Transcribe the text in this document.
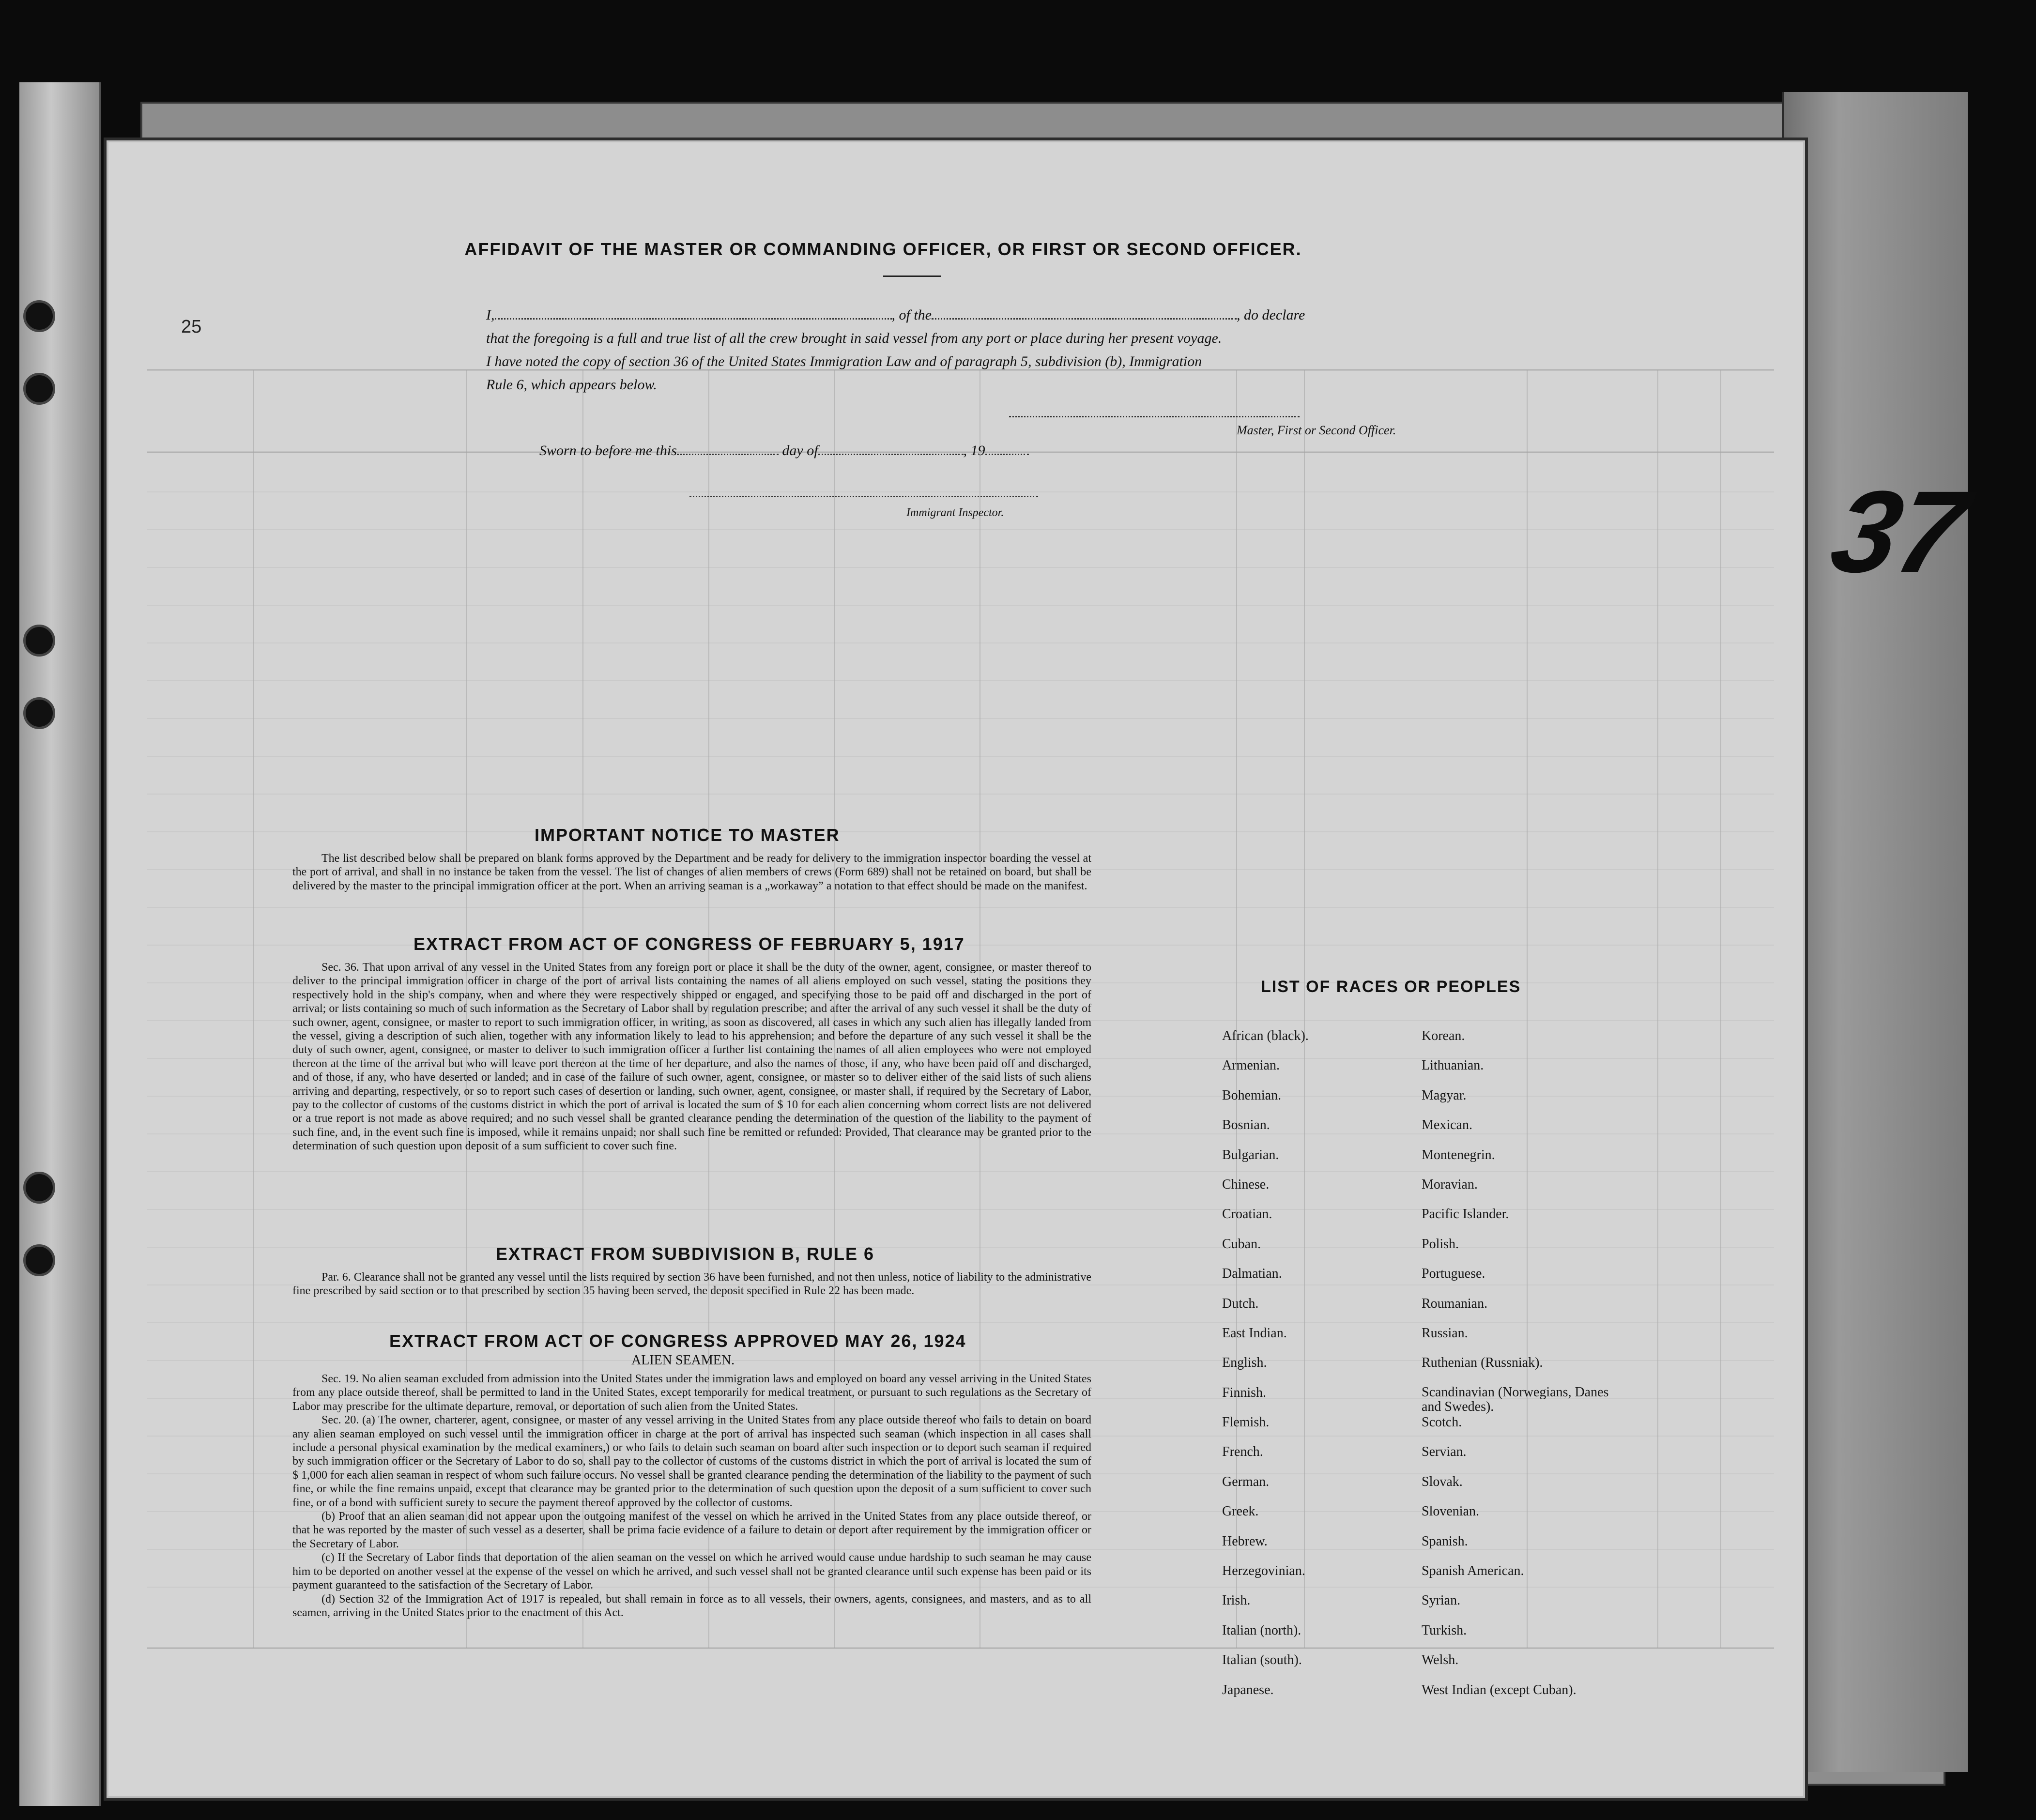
AFFIDAVIT OF THE MASTER OR COMMANDING OFFICER, OR FIRST OR SECOND OFFICER.
I,	, of the	, do declare
that the foregoing is a full and true list of all the crew brought in said vessel from any port or place during her present voyage.
I have noted the copy of section 36 of the United States Immigration Law and of paragraph 5, subdivision (b), Immigration
Rule 6, which appears below.
Master, First or Second Officer.
Sworn to before me this	day of	, 19
Immigrant Inspector.
IMPORTANT NOTICE TO MASTER

The list described below shall be prepared on blank forms approved by the Department and be ready for delivery to the immigration inspector boarding the vessel at the port of arrival, and shall in no instance be taken from the vessel. The list of changes of alien members of crews (Form 689) shall not be retained on board, but shall be delivered by the master to the principal immigration officer at the port. When an arriving seaman is a „workaway” a notation to that effect should be made on the manifest.

EXTRACT FROM ACT OF CONGRESS OF FEBRUARY 5, 1917

Sec. 36. That upon arrival of any vessel in the United States from any foreign port or place it shall be the duty of the owner, agent, consignee, or master thereof to deliver to the principal immigration officer in charge of the port of arrival lists containing the names of all aliens employed on such vessel, stating the positions they respectively hold in the ship's company, when and where they were respectively shipped or engaged, and specifying those to be paid off and discharged in the port of arrival; or lists containing so much of such information as the Secretary of Labor shall by regulation prescribe; and after the arrival of any such vessel it shall be the duty of such owner, agent, consignee, or master to report to such immigration officer, in writing, as soon as discovered, all cases in which any such alien has illegally landed from the vessel, giving a description of such alien, together with any information likely to lead to his apprehension; and before the departure of any such vessel it shall be the duty of such owner, agent, consignee, or master to deliver to such immigration officer a further list containing the names of all alien employees who were not employed thereon at the time of the arrival but who will leave port thereon at the time of her departure, and also the names of those, if any, who have been paid off and discharged, and of those, if any, who have deserted or landed; and in case of the failure of such owner, agent, consignee, or master so to deliver either of the said lists of such aliens arriving and departing, respectively, or so to report such cases of desertion or landing, such owner, agent, consignee, or master shall, if required by the Secretary of Labor, pay to the collector of customs of the customs district in which the port of arrival is located the sum of $ 10 for each alien concerning whom correct lists are not delivered or a true report is not made as above required; and no such vessel shall be granted clearance pending the determination of the question of the liability to the payment of such fine, and, in the event such fine is imposed, while it remains unpaid; nor shall such fine be remitted or refunded: Provided, That clearance may be granted prior to the determination of such question upon deposit of a sum sufficient to cover such fine.

EXTRACT FROM SUBDIVISION B, RULE 6

Par. 6. Clearance shall not be granted any vessel until the lists required by section 36 have been furnished, and not then unless, notice of liability to the administrative fine prescribed by said section or to that prescribed by section 35 having been served, the deposit specified in Rule 22 has been made.

EXTRACT FROM ACT OF CONGRESS APPROVED MAY 26, 1924
ALIEN SEAMEN.

Sec. 19. No alien seaman excluded from admission into the United States under the immigration laws and employed on board any vessel arriving in the United States from any place outside thereof, shall be permitted to land in the United States, except temporarily for medical treatment, or pursuant to such regulations as the Secretary of Labor may prescribe for the ultimate departure, removal, or deportation of such alien from the United States.

Sec. 20. (a) The owner, charterer, agent, consignee, or master of any vessel arriving in the United States from any place outside thereof who fails to detain on board any alien seaman employed on such vessel until the immigration officer in charge at the port of arrival has inspected such seaman (which inspection in all cases shall include a personal physical examination by the medical examiners,) or who fails to detain such seaman on board after such inspection or to deport such seaman if required by such immigration officer or the Secretary of Labor to do so, shall pay to the collector of customs of the customs district in which the port of arrival is located the sum of $ 1,000 for each alien seaman in respect of whom such failure occurs. No vessel shall be granted clearance pending the determination of the liability to the payment of such fine, or while the fine remains unpaid, except that clearance may be granted prior to the determination of such question upon the deposit of a sum sufficient to cover such fine, or of a bond with sufficient surety to secure the payment thereof approved by the collector of customs.

(b) Proof that an alien seaman did not appear upon the outgoing manifest of the vessel on which he arrived in the United States from any place outside thereof, or that he was reported by the master of such vessel as a deserter, shall be prima facie evidence of a failure to detain or deport after requirement by the immigration officer or the Secretary of Labor.

(c) If the Secretary of Labor finds that deportation of the alien seaman on the vessel on which he arrived would cause undue hardship to such seaman he may cause him to be deported on another vessel at the expense of the vessel on which he arrived, and such vessel shall not be granted clearance until such expense has been paid or its payment guaranteed to the satisfaction of the Secretary of Labor.

(d) Section 32 of the Immigration Act of 1917 is repealed, but shall remain in force as to all vessels, their owners, agents, consignees, and masters, and as to all seamen, arriving in the United States prior to the enactment of this Act.

LIST OF RACES OR PEOPLES
African (black).
Armenian.
Bohemian.
Bosnian.
Bulgarian.
Chinese.
Croatian.
Cuban.
Dalmatian.
Dutch.
East Indian.
English.
Finnish.
Flemish.
French.
German.
Greek.
Hebrew.
Herzegovinian.
Irish.
Italian (north).
Italian (south).
Japanese.
Korean.
Lithuanian.
Magyar.
Mexican.
Montenegrin.
Moravian.
Pacific Islander.
Polish.
Portuguese.
Roumanian.
Russian.
Ruthenian (Russniak).
Scandinavian (Norwegians, Danes and Swedes).
Scotch.
Servian.
Slovak.
Slovenian.
Spanish.
Spanish American.
Syrian.
Turkish.
Welsh.
West Indian (except Cuban).
25
37
